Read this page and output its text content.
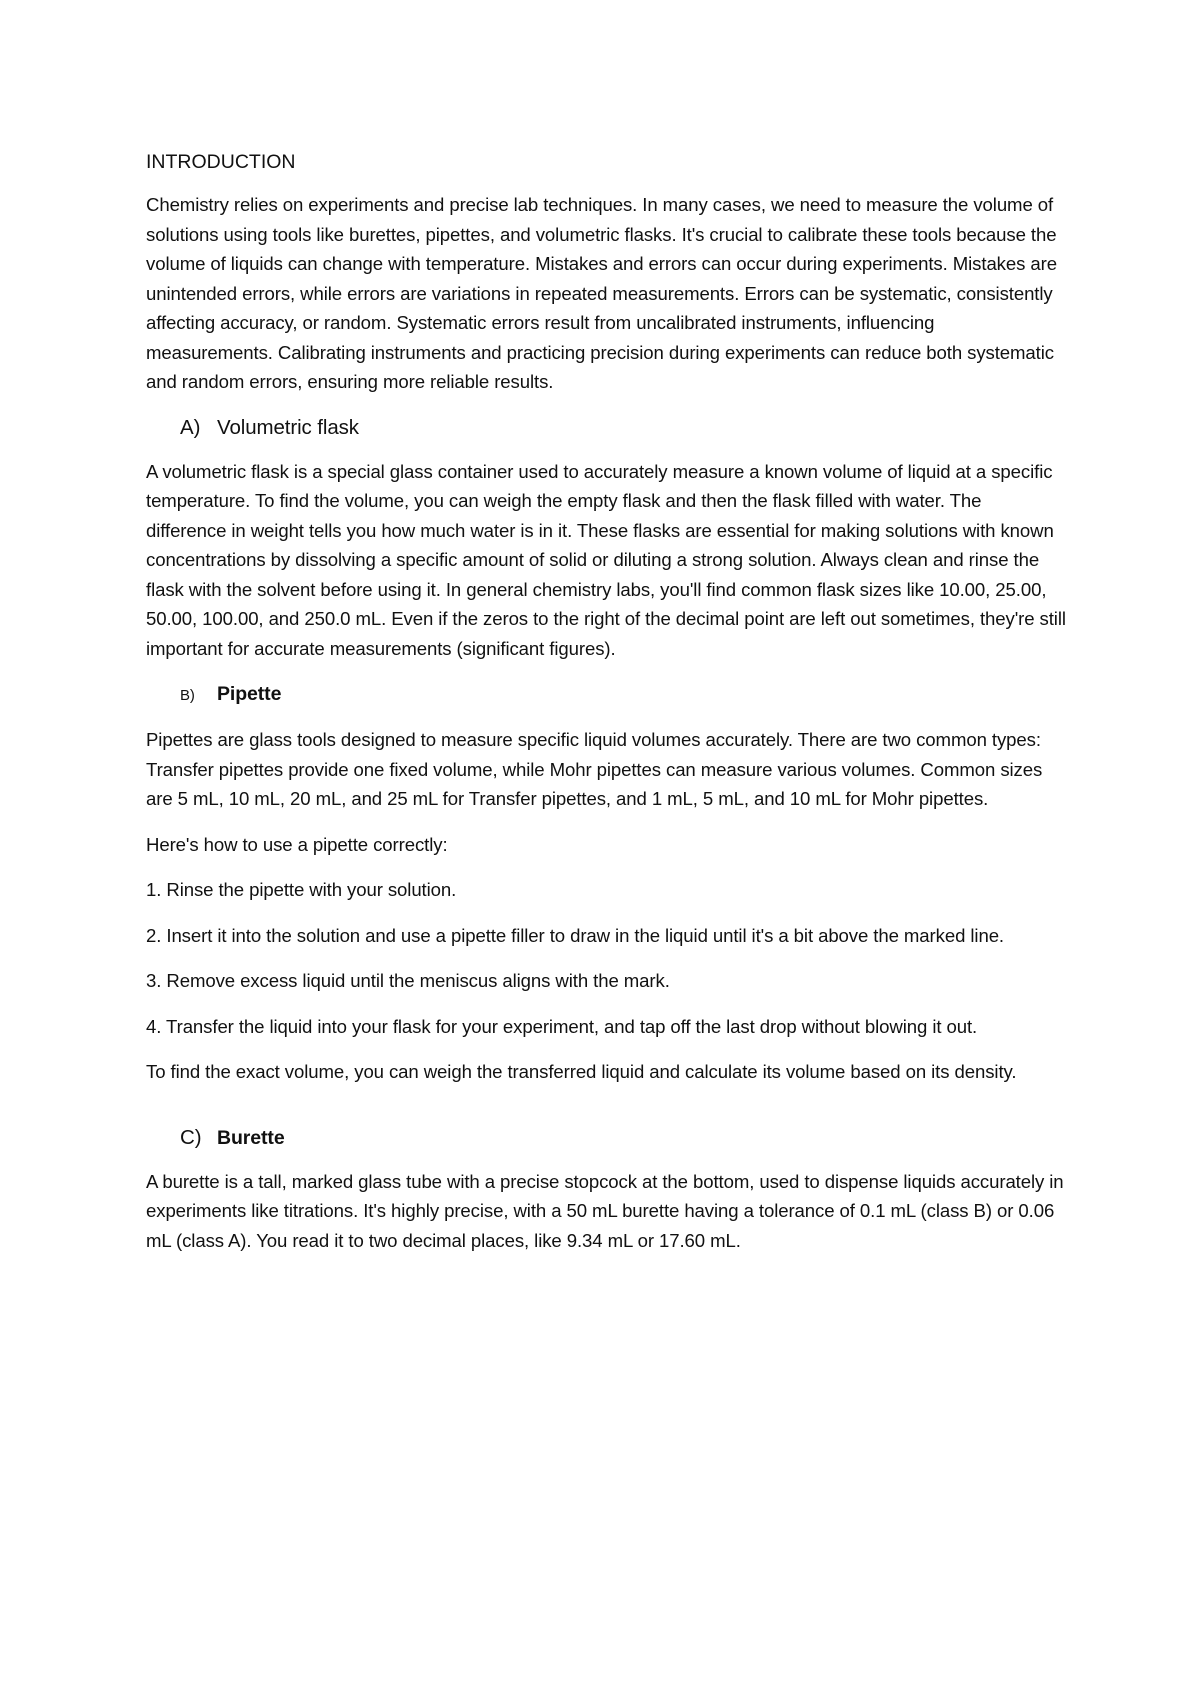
INTRODUCTION

Chemistry relies on experiments and precise lab techniques. In many cases, we need to measure the volume of solutions using tools like burettes, pipettes, and volumetric flasks. It's crucial to calibrate these tools because the volume of liquids can change with temperature. Mistakes and errors can occur during experiments. Mistakes are unintended errors, while errors are variations in repeated measurements. Errors can be systematic, consistently affecting accuracy, or random. Systematic errors result from uncalibrated instruments, influencing measurements. Calibrating instruments and practicing precision during experiments can reduce both systematic and random errors, ensuring more reliable results.

A) Volumetric flask

A volumetric flask is a special glass container used to accurately measure a known volume of liquid at a specific temperature. To find the volume, you can weigh the empty flask and then the flask filled with water. The difference in weight tells you how much water is in it. These flasks are essential for making solutions with known concentrations by dissolving a specific amount of solid or diluting a strong solution. Always clean and rinse the flask with the solvent before using it. In general chemistry labs, you'll find common flask sizes like 10.00, 25.00, 50.00, 100.00, and 250.0 mL. Even if the zeros to the right of the decimal point are left out sometimes, they're still important for accurate measurements (significant figures).

B)	Pipette

Pipettes are glass tools designed to measure specific liquid volumes accurately. There are two common types: Transfer pipettes provide one fixed volume, while Mohr pipettes can measure various volumes. Common sizes are 5 mL, 10 mL, 20 mL, and 25 mL for Transfer pipettes, and 1 mL, 5 mL, and 10 mL for Mohr pipettes.

Here's how to use a pipette correctly:

1. Rinse the pipette with your solution.

2. Insert it into the solution and use a pipette filler to draw in the liquid until it's a bit above the marked line.

3. Remove excess liquid until the meniscus aligns with the mark.

4. Transfer the liquid into your flask for your experiment, and tap off the last drop without blowing it out.

To find the exact volume, you can weigh the transferred liquid and calculate its volume based on its density.

C) Burette

A burette is a tall, marked glass tube with a precise stopcock at the bottom, used to dispense liquids accurately in experiments like titrations. It's highly precise, with a 50 mL burette having a tolerance of 0.1 mL (class B) or 0.06 mL (class A). You read it to two decimal places, like 9.34 mL or 17.60 mL.
